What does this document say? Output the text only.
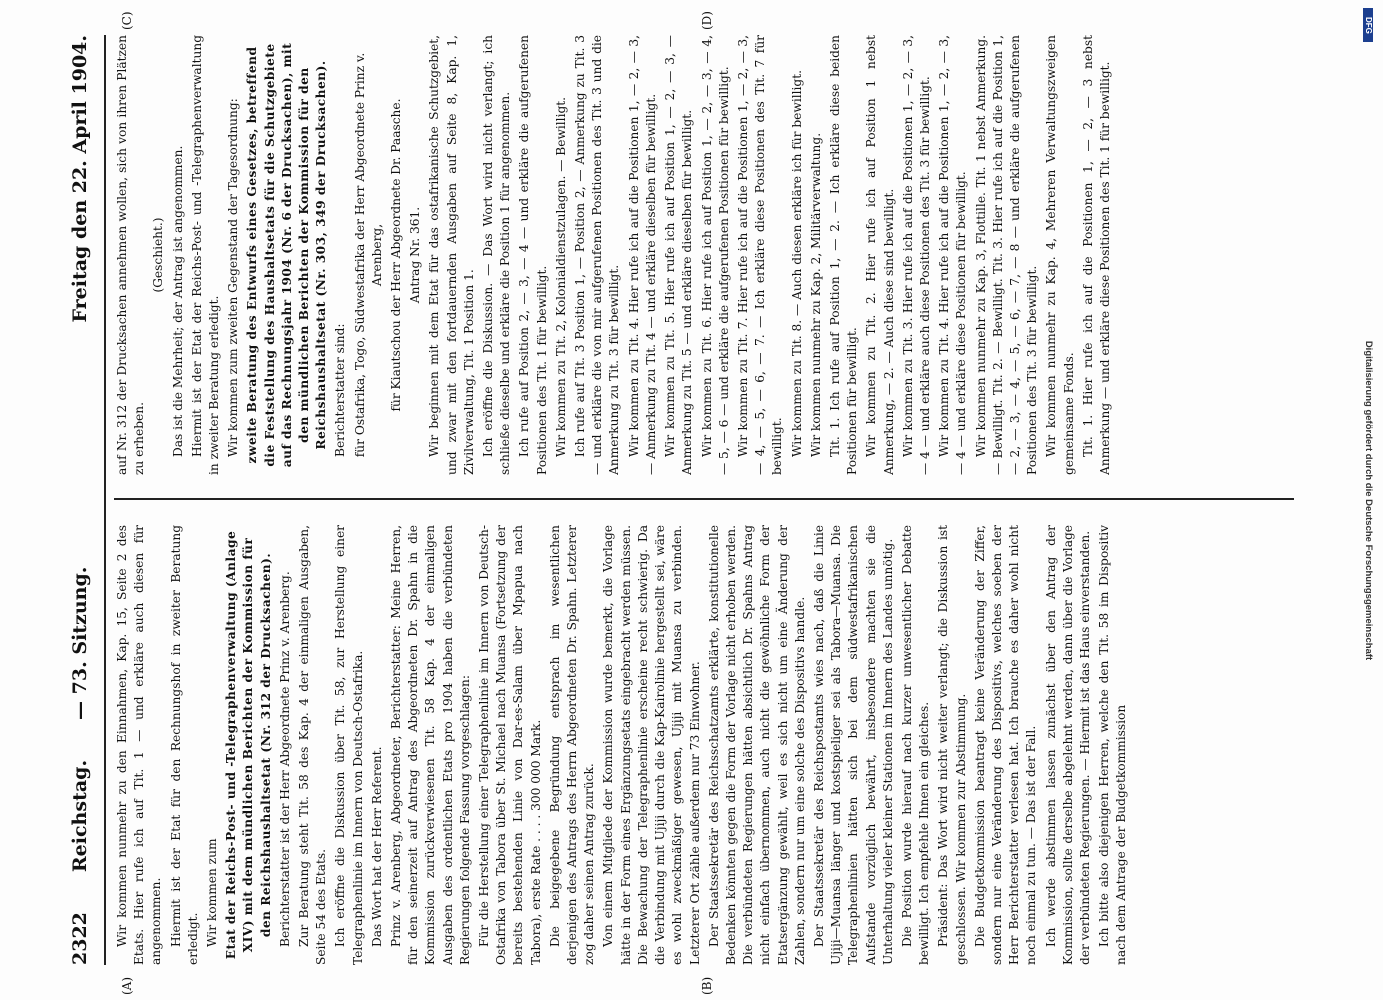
DFG
Digitalisierung gefördert durch die Deutsche Forschungsgemeinschaft
2322
Reichstag.
— 73. Sitzung.
Freitag den 22. April 1904.
(A)	(B)
(C)	(D)

Wir kommen nunmehr zu den Einnahmen, Kap. 15, Seite 2 des Etats. Hier rufe ich auf Tit. 1 — und erkläre auch diesen für angenommen. Hiermit ist der Etat für den Rechnungshof in zweiter Beratung erledigt. Wir kommen zum Etat der Reichs-Post- und -Telegraphenverwaltung (Anlage XIV) mit dem mündlichen Berichten der Kommission für den Reichshaushaltsetat (Nr. 312 der Drucksachen). Berichterstatter ist der Herr Abgeordnete Prinz v. Arenberg. Zur Beratung steht Tit. 58 des Kap. 4 der einmaligen Ausgaben, Seite 54 des Etats. Ich eröffne die Diskussion über Tit. 58, zur Herstellung einer Telegraphenlinie im Innern von Deutsch-Ostafrika. Das Wort hat der Herr Referent. Prinz v. Arenberg, Abgeordneter, Berichterstatter: Meine Herren, für den seinerzeit auf Antrag des Abgeordneten Dr. Spahn in die Kommission zurückverwiesenen Tit. 58 Kap. 4 der einmaligen Ausgaben des ordentlichen Etats pro 1904 haben die verbündeten Regierungen folgende Fassung vorgeschlagen: Für die Herstellung einer Telegraphenlinie im Innern von Deutsch-Ostafrika von Tabora über St. Michael nach Muansa (Fortsetzung der bereits bestehenden Linie von Dar-es-Salam über Mpapua nach Tabora), erste Rate . . . . 300 000 Mark. Die beigegebene Begründung entsprach im wesentlichen derjenigen des Antrags des Herrn Abgeordneten Dr. Spahn. Letzterer zog daher seinen Antrag zurück. Von einem Mitgliede der Kommission wurde bemerkt, die Vorlage hätte in der Form eines Ergänzungsetats eingebracht werden müssen. Die Bewachung der Telegraphenlinie erscheine recht schwierig. Da die Verbindung mit Ujiji durch die Kap-Kairolinie hergestellt sei, wäre es wohl zweckmäßiger gewesen, Ujiji mit Muansa zu verbinden. Letzterer Ort zähle außerdem nur 73 Einwohner. Der Staatssekretär des Reichsschatzamts erklärte, konstitutionelle Bedenken könnten gegen die Form der Vorlage nicht erhoben werden. Die verbündeten Regierungen hätten absichtlich Dr. Spahns Antrag nicht einfach übernommen, auch nicht die gewöhnliche Form der Etatsergänzung gewählt, weil es sich nicht um eine Änderung der Zahlen, sondern nur um eine solche des Dispositivs handle. Der Staatssekretär des Reichspostamts wies nach, daß die Linie Ujiji—Muansa länger und kostspieliger sei als Tabora—Muansa. Die Telegraphenlinien hätten sich bei dem südwestafrikanischen Aufstande vorzüglich bewährt, insbesondere machten sie die Unterhaltung vieler kleiner Stationen im Innern des Landes unnötig. Die Position wurde hierauf nach kurzer unwesentlicher Debatte bewilligt. Ich empfehle Ihnen ein gleiches. Präsident: Das Wort wird nicht weiter verlangt; die Diskussion ist geschlossen. Wir kommen zur Abstimmung. Die Budgetkommission beantragt keine Veränderung der Ziffer, sondern nur eine Veränderung des Dispositivs, welches soeben der Herr Berichterstatter verlesen hat. Ich brauche es daher wohl nicht noch einmal zu tun. — Das ist der Fall. Ich werde abstimmen lassen zunächst über den Antrag der Kommission, sollte derselbe abgelehnt werden, dann über die Vorlage der verbündeten Regierungen. — Hiermit ist das Haus einverstanden. Ich bitte also diejenigen Herren, welche den Tit. 58 im Dispositiv nach dem Antrage der Budgetkommission

auf Nr. 312 der Drucksachen annehmen wollen, sich von ihren Plätzen zu erheben.

(Geschieht.) Das ist die Mehrheit; der Antrag ist angenommen. Hiermit ist der Etat der Reichs-Post- und -Telegraphenverwaltung in zweiter Beratung erledigt. Wir kommen zum zweiten Gegenstand der Tagesordnung: zweite Beratung des Entwurfs eines Gesetzes, betreffend die Feststellung des Haushaltsetats für die Schutzgebiete auf das Rechnungsjahr 1904 (Nr. 6 der Drucksachen), mit den mündlichen Berichten der Kommission für den Reichshaushaltsetat (Nr. 303, 349 der Drucksachen). Berichterstatter sind: für Ostafrika, Togo, Südwestafrika der Herr Abgeordnete Prinz v. Arenberg, für Kiautschou der Herr Abgeordnete Dr. Paasche. Antrag Nr. 361. Wir beginnen mit dem Etat für das ostafrikanische Schutzgebiet, und zwar mit den fortdauernden Ausgaben auf Seite 8, Kap. 1, Zivilverwaltung, Tit. 1 Position 1. Ich eröffne die Diskussion. — Das Wort wird nicht verlangt; ich schließe dieselbe und erkläre die Position 1 für angenommen. Ich rufe auf Position 2, — 3, — 4 — und erkläre die aufgerufenen Positionen des Tit. 1 für bewilligt. Wir kommen zu Tit. 2, Kolonialdienstzulagen. — Bewilligt. Ich rufe auf Tit. 3 Position 1, — Position 2, — Anmerkung zu Tit. 3 — und erkläre die von mir aufgerufenen Positionen des Tit. 3 und die Anmerkung zu Tit. 3 für bewilligt. Wir kommen zu Tit. 4. Hier rufe ich auf die Positionen 1, — 2, — 3, — Anmerkung zu Tit. 4 — und erkläre dieselben für bewilligt. Wir kommen zu Tit. 5. Hier rufe ich auf Position 1, — 2, — 3, — Anmerkung zu Tit. 5 — und erkläre dieselben für bewilligt. Wir kommen zu Tit. 6. Hier rufe ich auf Position 1, — 2, — 3, — 4, — 5, — 6 — und erkläre die aufgerufenen Positionen für bewilligt. Wir kommen zu Tit. 7. Hier rufe ich auf die Positionen 1, — 2, — 3, — 4, — 5, — 6, — 7. — Ich erkläre diese Positionen des Tit. 7 für bewilligt. Wir kommen zu Tit. 8. — Auch diesen erkläre ich für bewilligt. Wir kommen nunmehr zu Kap. 2, Militärverwaltung. Tit. 1. Ich rufe auf Position 1, — 2. — Ich erkläre diese beiden Positionen für bewilligt. Wir kommen zu Tit. 2. Hier rufe ich auf Position 1 nebst Anmerkung, — 2. — Auch diese sind bewilligt. Wir kommen zu Tit. 3. Hier rufe ich auf die Positionen 1, — 2, — 3, — 4 — und erkläre auch diese Positionen des Tit. 3 für bewilligt. Wir kommen zu Tit. 4. Hier rufe ich auf die Positionen 1, — 2, — 3, — 4 — und erkläre diese Positionen für bewilligt. Wir kommen nunmehr zu Kap. 3, Flottille. Tit. 1 nebst Anmerkung. — Bewilligt. Tit. 2. — Bewilligt. Tit. 3. Hier rufe ich auf die Position 1, — 2, — 3, — 4, — 5, — 6, — 7, — 8 — und erkläre die aufgerufenen Positionen des Tit. 3 für bewilligt. Wir kommen nunmehr zu Kap. 4, Mehreren Verwaltungszweigen gemeinsame Fonds. Tit. 1. Hier rufe ich auf die Positionen 1, — 2, — 3 nebst Anmerkung — und erkläre diese Positionen des Tit. 1 für bewilligt.
